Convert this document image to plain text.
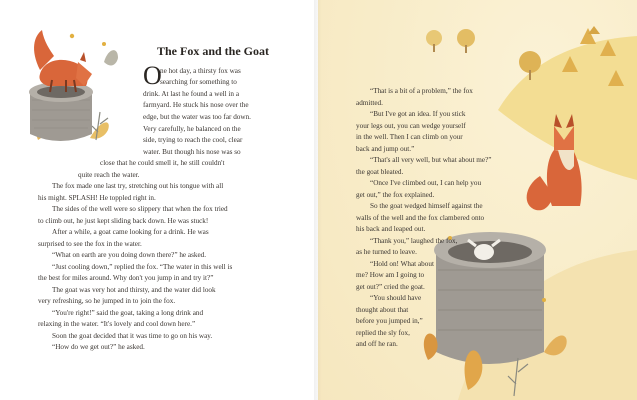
The Fox and the Goat
O
ne hot day, a thirsty fox was
searching for something to
drink. At last he found a well in a
farmyard. He stuck his nose over the
edge, but the water was too far down.
Very carefully, he balanced on the
side, trying to reach the cool, clear
water. But though his nose was so
close that he could smell it, he still couldn't
quite reach the water.
The fox made one last try, stretching out his tongue with all
his might. SPLASH! He toppled right in.
The sides of the well were so slippery that when the fox tried
to climb out, he just kept sliding back down. He was stuck!
After a while, a goat came looking for a drink. He was
surprised to see the fox in the water.
“What on earth are you doing down there?” he asked.
“Just cooling down,” replied the fox. “The water in this well is
the best for miles around. Why don't you jump in and try it?”
The goat was very hot and thirsty, and the water did look
very refreshing, so he jumped in to join the fox.
“You're right!” said the goat, taking a long drink and
relaxing in the water. “It's lovely and cool down here.”
Soon the goat decided that it was time to go on his way.
“How do we get out?” he asked.
“That is a bit of a problem,” the fox
admitted.
“But I've got an idea. If you stick
your legs out, you can wedge yourself
in the well. Then I can climb on your
back and jump out.”
“That's all very well, but what about me?”
the goat bleated.
“Once I've climbed out, I can help you
get out,” the fox explained.
So the goat wedged himself against the
walls of the well and the fox clambered onto
his back and leaped out.
“Thank you,” laughed the fox,
as he turned to leave.
“Hold on! What about
me? How am I going to
get out?” cried the goat.
“You should have
thought about that
before you jumped in,”
replied the sly fox,
and off he ran.
